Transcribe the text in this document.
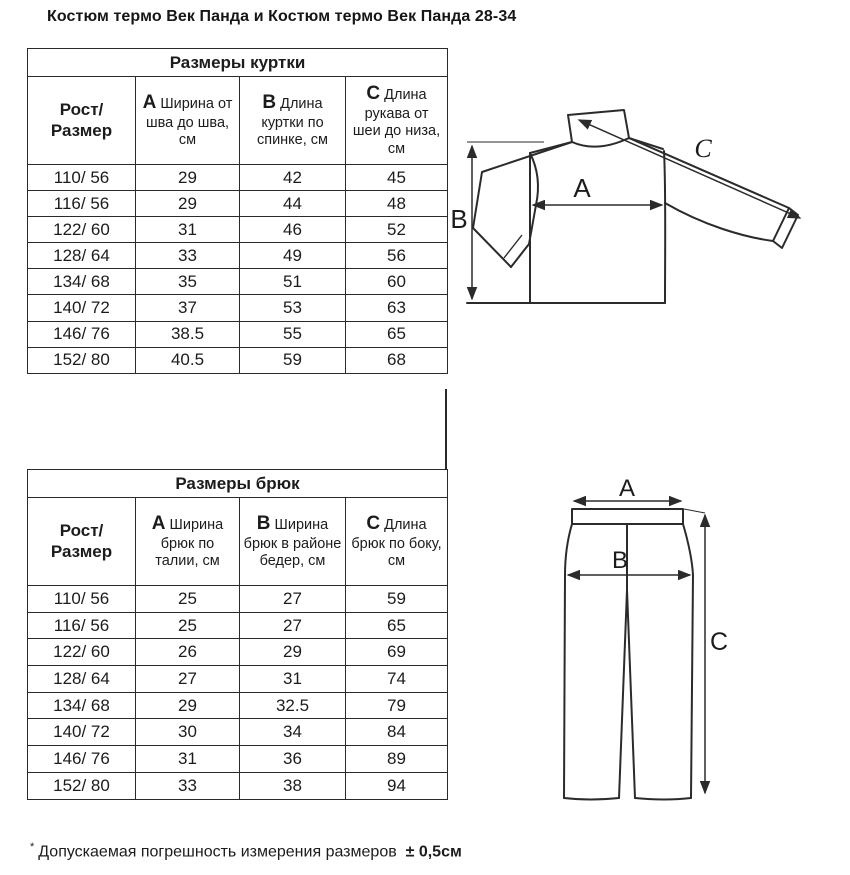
Костюм термо Век Панда и Костюм термо Век Панда 28-34
Размеры куртки			
Рост/Размер	A Ширина от шва до шва, см	B Длина куртки по спинке, см	C Длина рукава от шеи до низа, см
110/ 56	29	42	45
116/ 56	29	44	48
122/ 60	31	46	52
128/ 64	33	49	56
134/ 68	35	51	60
140/ 72	37	53	63
146/ 76	38.5	55	65
152/ 80	40.5	59	68
Размеры брюк			
Рост/Размер	A Ширина брюк по талии, см	B Ширина брюк в районе бедер, см	C Длина брюк по боку, см
110/ 56	25	27	59
116/ 56	25	27	65
122/ 60	26	29	69
128/ 64	27	31	74
134/ 68	29	32.5	79
140/ 72	30	34	84
146/ 76	31	36	89
152/ 80	33	38	94
B
A
C
A
B
C
* Допускаемая погрешность измерения размеров ± 0,5см
